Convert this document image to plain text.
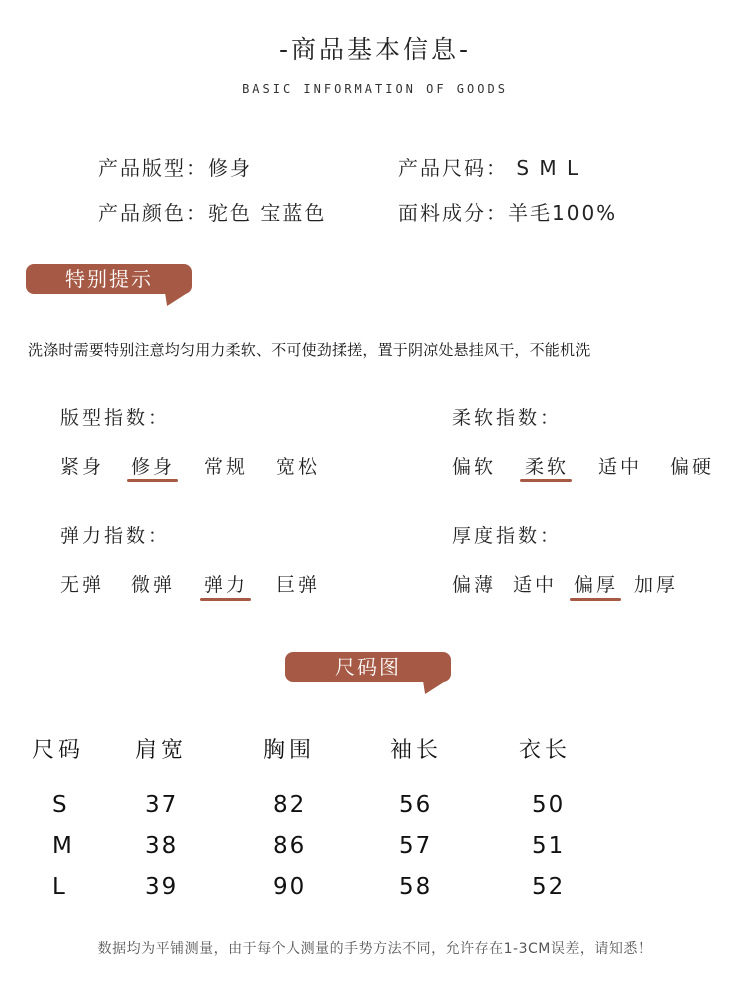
-商品基本信息-
BASIC INFORMATION OF GOODS
产品版型：修身	产品尺码： S M L
产品颜色：驼色 宝蓝色	面料成分：羊毛100%
特别提示
洗涤时需要特别注意均匀用力柔软、不可使劲揉搓，置于阴凉处悬挂风干，不能机洗
版型指数：
紧身 修身 常规 宽松
柔软指数：
偏软 柔软 适中 偏硬
弹力指数：
无弹 微弹 弹力 巨弹
厚度指数：
偏薄 适中 偏厚 加厚
尺码图
尺码 肩宽	胸围	袖长	衣长
S	37	82	56	50
M	38	86	57	51
L	39	90	58	52
数据均为平铺测量，由于每个人测量的手势方法不同，允许存在1-3CM误差，请知悉！
